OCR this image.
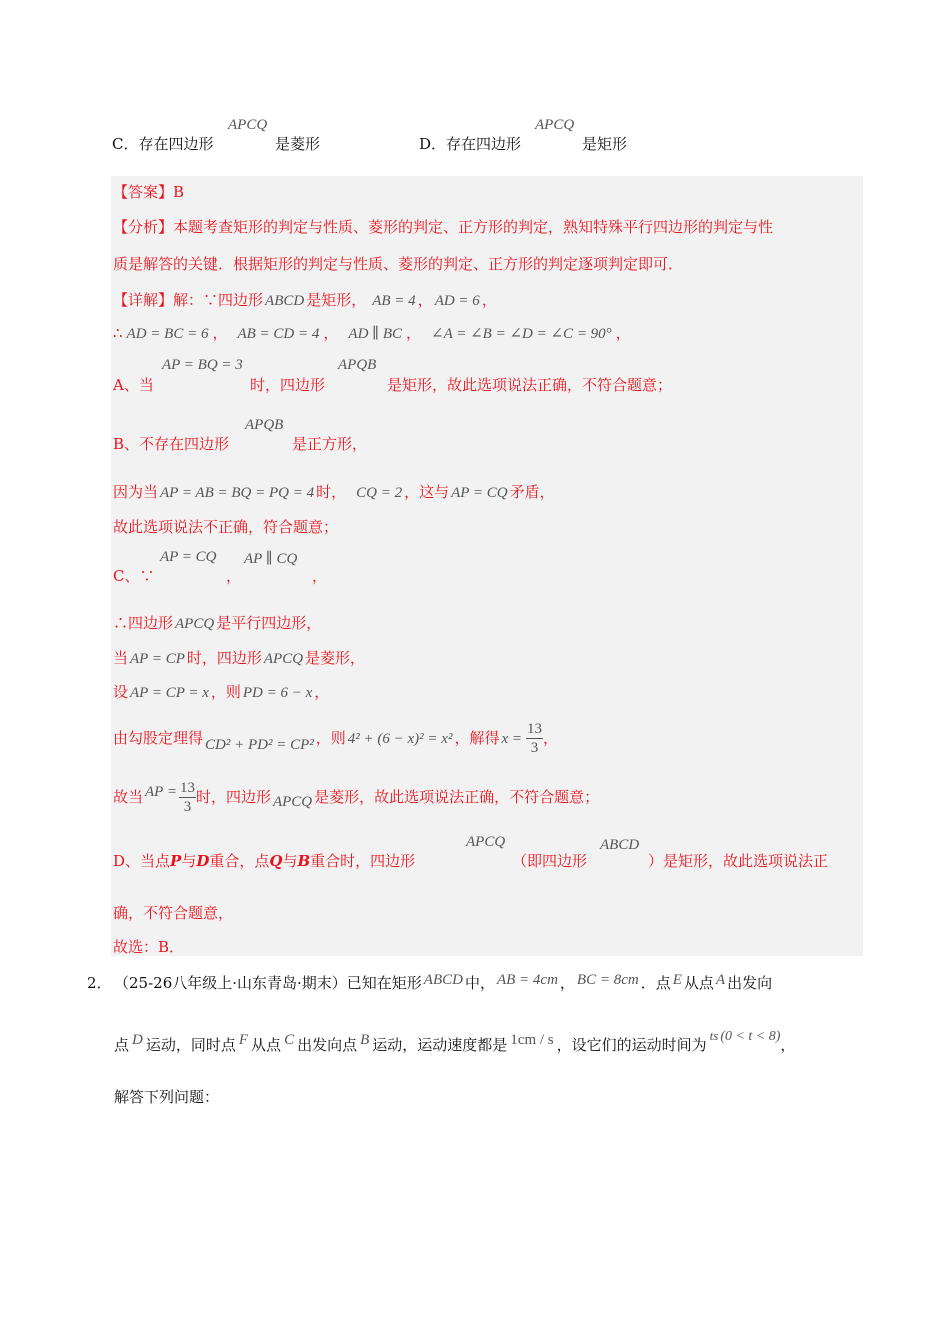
C．存在四边形
APCQ
是菱形	D．存在四边形
APCQ
是矩形
【答案】B
【分析】本题考查矩形的判定与性质、菱形的判定、正方形的判定，熟知特殊平行四边形的判定与性
质是解答的关键．根据矩形的判定与性质、菱形的判定、正方形的判定逐项判定即可．
【详解】解：∵四边形 ABCD 是矩形， AB = 4 ， AD = 6 ，
∴ AD = BC = 6 ， AB = CD = 4 ， AD ∥ BC ， ∠A = ∠B = ∠D = ∠C = 90° ，
A、当
AP = BQ = 3
时，四边形
APQB
是矩形，故此选项说法正确，不符合题意；
B、不存在四边形
APQB
是正方形，
因为当 AP = AB = BQ = PQ = 4 时， CQ = 2 ，这与 AP = CQ 矛盾，
故此选项说法不正确，符合题意；
C、∵
AP = CQ
，
AP ∥ CQ
，
∴四边形 APCQ 是平行四边形，
当 AP = CP 时，四边形 APCQ 是菱形，
设 AP = CP = x ，则 PD = 6 − x ，
由勾股定理得 CD² + PD² = CP² ，则 4² + (6 − x)² = x² ，解得 $x = \frac{13}{3}$ ，
故当 AP = $\frac{13}{3}$ 时，四边形 APCQ 是菱形，故此选项说法正确，不符合题意；
D、当点P与D重合，点Q与B重合时，四边形
APCQ
（即四边形
ABCD
）是矩形，故此选项说法正
确，不符合题意，
故选：B．
2． （25-26八年级上·山东青岛·期末）已知在矩形 ABCD 中， AB = 4cm ， BC = 8cm ．点 E 从点 A 出发向
点 D 运动，同时点 F 从点 C 出发向点 B 运动，运动速度都是 1cm / s ，设它们的运动时间为ts (0 < t < 8)，
解答下列问题：
